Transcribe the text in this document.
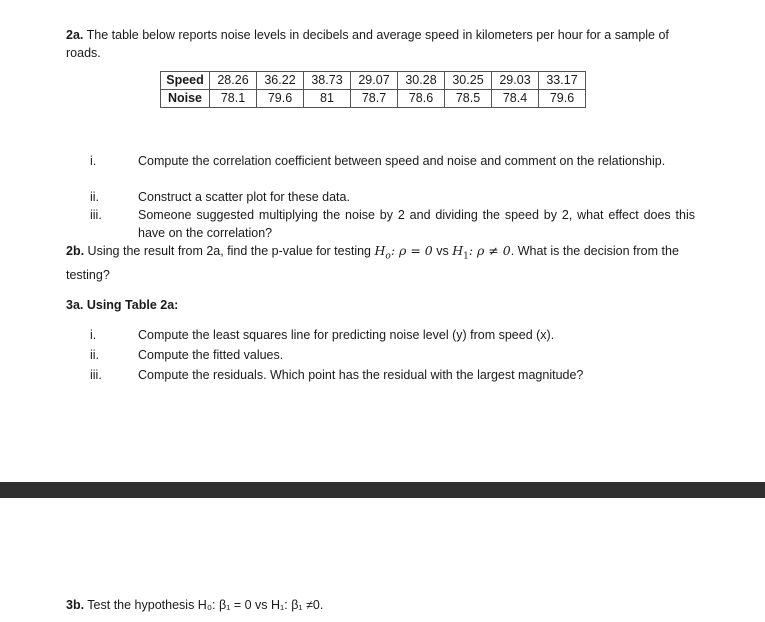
2a. The table below reports noise levels in decibels and average speed in kilometers per hour for a sample of roads.
Speed	28.26	36.22	38.73	29.07	30.28	30.25	29.03	33.17
Noise	78.1	79.6	81	78.7	78.6	78.5	78.4	79.6
i.	Compute the correlation coefficient between speed and noise and comment on the relationship.
ii.	Construct a scatter plot for these data.
iii.	Someone suggested multiplying the noise by 2 and dividing the speed by 2, what effect does this have on the correlation?
2b. Using the result from 2a, find the p-value for testing $H_o$: ρ = 0 vs $H_1$: ρ ≠ 0. What is the decision from the testing?
3a. Using Table 2a:
i.	Compute the least squares line for predicting noise level (y) from speed (x).
ii.	Compute the fitted values.
iii.	Compute the residuals. Which point has the residual with the largest magnitude?
3b. Test the hypothesis H₀: β₁ = 0 vs H₁: β₁ ≠0.
